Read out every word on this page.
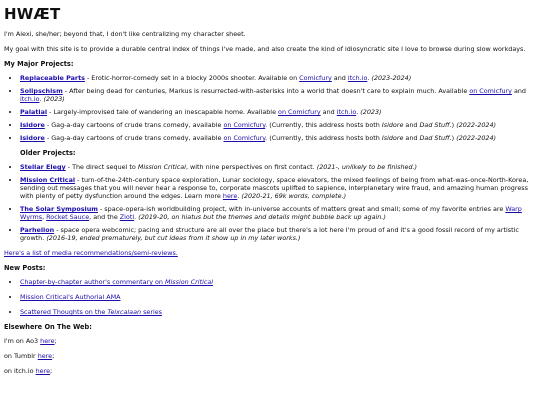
HWÆT

I'm Alexi, she/her; beyond that, I don't like centralizing my character sheet.

My goal with this site is to provide a durable central index of things I've made, and also create the kind of idiosyncratic site I love to browse during slow workdays.

My Major Projects:
• Replaceable Parts - Erotic-horror-comedy set in a blocky 2000s shooter. Available on Comicfury and itch.io. (2023-2024)
• Solipschism - After being dead for centuries, Markus is resurrected-with-asterisks into a world that doesn't care to explain much. Available on Comicfury and itch.io. (2023)
• Palatial - Largely-improvised tale of wandering an inescapable home. Available on Comicfury and itch.io. (2023)
• Isidore - Gag-a-day cartoons of crude trans comedy, available on Comicfury. (Currently, this address hosts both Isidore and Dad Stuff.) (2022-2024)
• Isidore - Gag-a-day cartoons of crude trans comedy, available on Comicfury. (Currently, this address hosts both Isidore and Dad Stuff.) (2022-2024)
Older Projects:
• Stellar Elegy - The direct sequel to Mission Critical, with nine perspectives on first contact. (2021-, unlikely to be finished.)
• Mission Critical - turn-of-the-24th-century space exploration, Lunar sociology, space elevators, the mixed feelings of being from what-was-once-North-Korea, sending out messages that you will never hear a response to, corporate mascots uplifted to sapience, interplanetary wire fraud, and amazing human progress with plenty of petty dysfunction around the edges. Learn more here. (2020-21, 69k words, complete.)
• The Solar Symposium - space-opera-ish worldbuilding project, with in-universe accounts of matters great and small; some of my favorite entries are Warp Wyrms, Rocket Sauce, and the Ziotl. (2019-20, on hiatus but the themes and details might bubble back up again.)
• Parhelion - space opera webcomic; pacing and structure are all over the place but there's a lot here I'm proud of and it's a good fossil record of my artistic growth. (2016-19, ended prematurely, but cut ideas from it show up in my later works.)

Here's a list of media recommendations/semi-reviews.

New Posts:
• Chapter-by-chapter author's commentary on Mission Critical
• Mission Critical's Authorial AMA
• Scattered Thoughts on the Teixcalaan series
Elsewhere On The Web:

I'm on Ao3 here;

on Tumblr here;

on itch.io here;
